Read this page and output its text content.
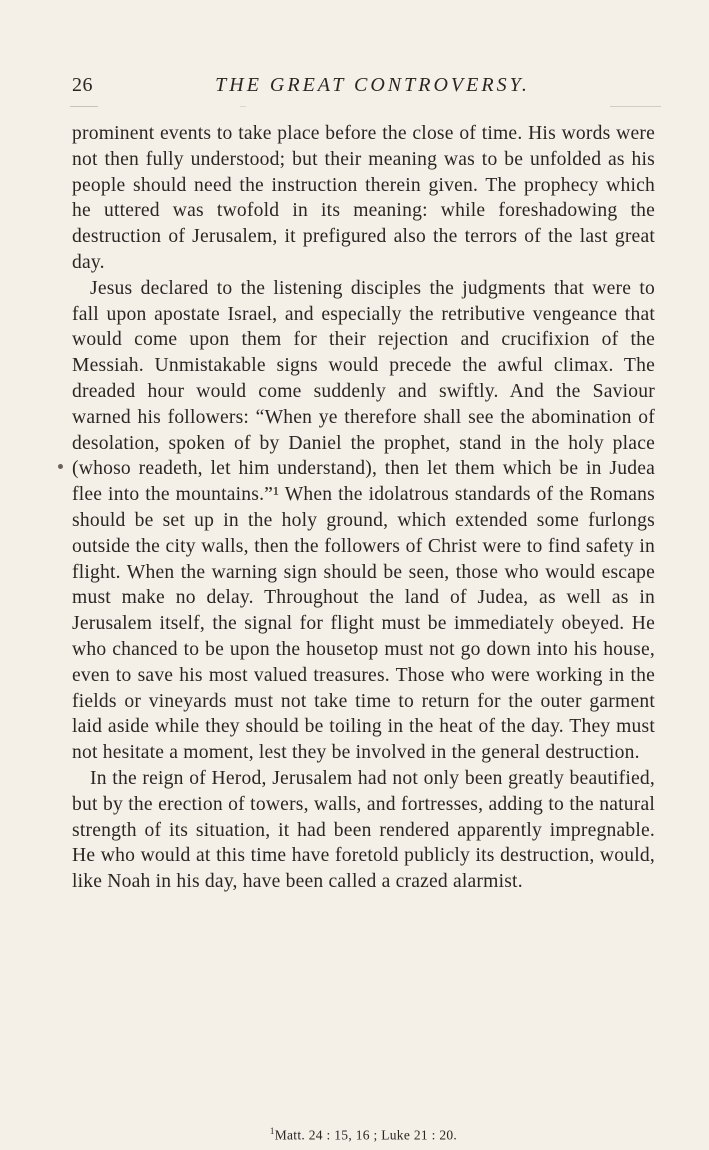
26	THE GREAT CONTROVERSY.

prominent events to take place before the close of time. His words were not then fully understood; but their meaning was to be unfolded as his people should need the instruction therein given. The prophecy which he uttered was twofold in its meaning: while foreshadowing the destruction of Jerusalem, it prefigured also the terrors of the last great day.

Jesus declared to the listening disciples the judgments that were to fall upon apostate Israel, and especially the retributive vengeance that would come upon them for their rejection and crucifixion of the Messiah. Unmistakable signs would precede the awful climax. The dreaded hour would come suddenly and swiftly. And the Saviour warned his followers: “When ye therefore shall see the abomination of desolation, spoken of by Daniel the prophet, stand in the holy place (whoso readeth, let him understand), then let them which be in Judea flee into the mountains.”¹ When the idolatrous standards of the Romans should be set up in the holy ground, which extended some furlongs outside the city walls, then the followers of Christ were to find safety in flight. When the warning sign should be seen, those who would escape must make no delay. Throughout the land of Judea, as well as in Jerusalem itself, the signal for flight must be immediately obeyed. He who chanced to be upon the housetop must not go down into his house, even to save his most valued treasures. Those who were working in the fields or vineyards must not take time to return for the outer garment laid aside while they should be toiling in the heat of the day. They must not hesitate a moment, lest they be involved in the general destruction.

In the reign of Herod, Jerusalem had not only been greatly beautified, but by the erection of towers, walls, and fortresses, adding to the natural strength of its situation, it had been rendered apparently impregnable. He who would at this time have foretold publicly its destruction, would, like Noah in his day, have been called a crazed alarmist.

$^1$Matt. 24 : 15, 16 ; Luke 21 : 20.
